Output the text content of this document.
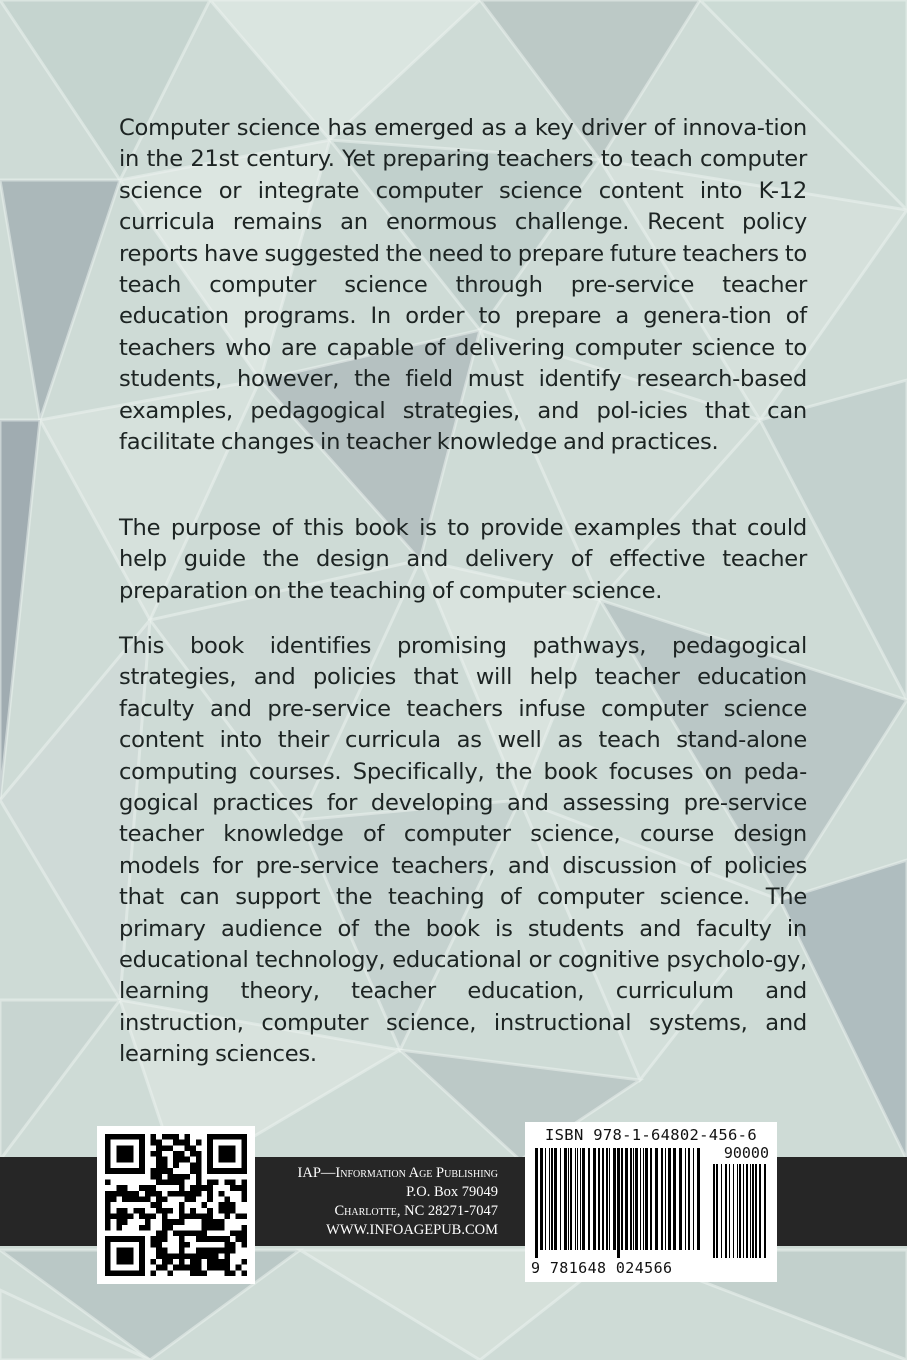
Computer science has emerged as a key driver of innova-tion in the 21st century. Yet preparing teachers to teach computer science or integrate computer science content into K-12 curricula remains an enormous challenge. Recent policy reports have suggested the need to prepare future teachers to teach computer science through pre-service teacher education programs. In order to prepare a genera-tion of teachers who are capable of delivering computer science to students, however, the field must identify research-based examples, pedagogical strategies, and pol-icies that can facilitate changes in teacher knowledge and practices.

The purpose of this book is to provide examples that could help guide the design and delivery of effective teacher preparation on the teaching of computer science.

This book identifies promising pathways, pedagogical strategies, and policies that will help teacher education faculty and pre-service teachers infuse computer science content into their curricula as well as teach stand-alone computing courses. Specifically, the book focuses on peda-gogical practices for developing and assessing pre-service teacher knowledge of computer science, course design models for pre-service teachers, and discussion of policies that can support the teaching of computer science. The primary audience of the book is students and faculty in educational technology, educational or cognitive psycholo-gy, learning theory, teacher education, curriculum and instruction, computer science, instructional systems, and learning sciences.

IAP—Information Age Publishing
P.O. Box 79049
Charlotte, NC 28271-7047
WWW.INFOAGEPUB.COM
ISBN 978-1-64802-456-6
90000
9 781648 024566
